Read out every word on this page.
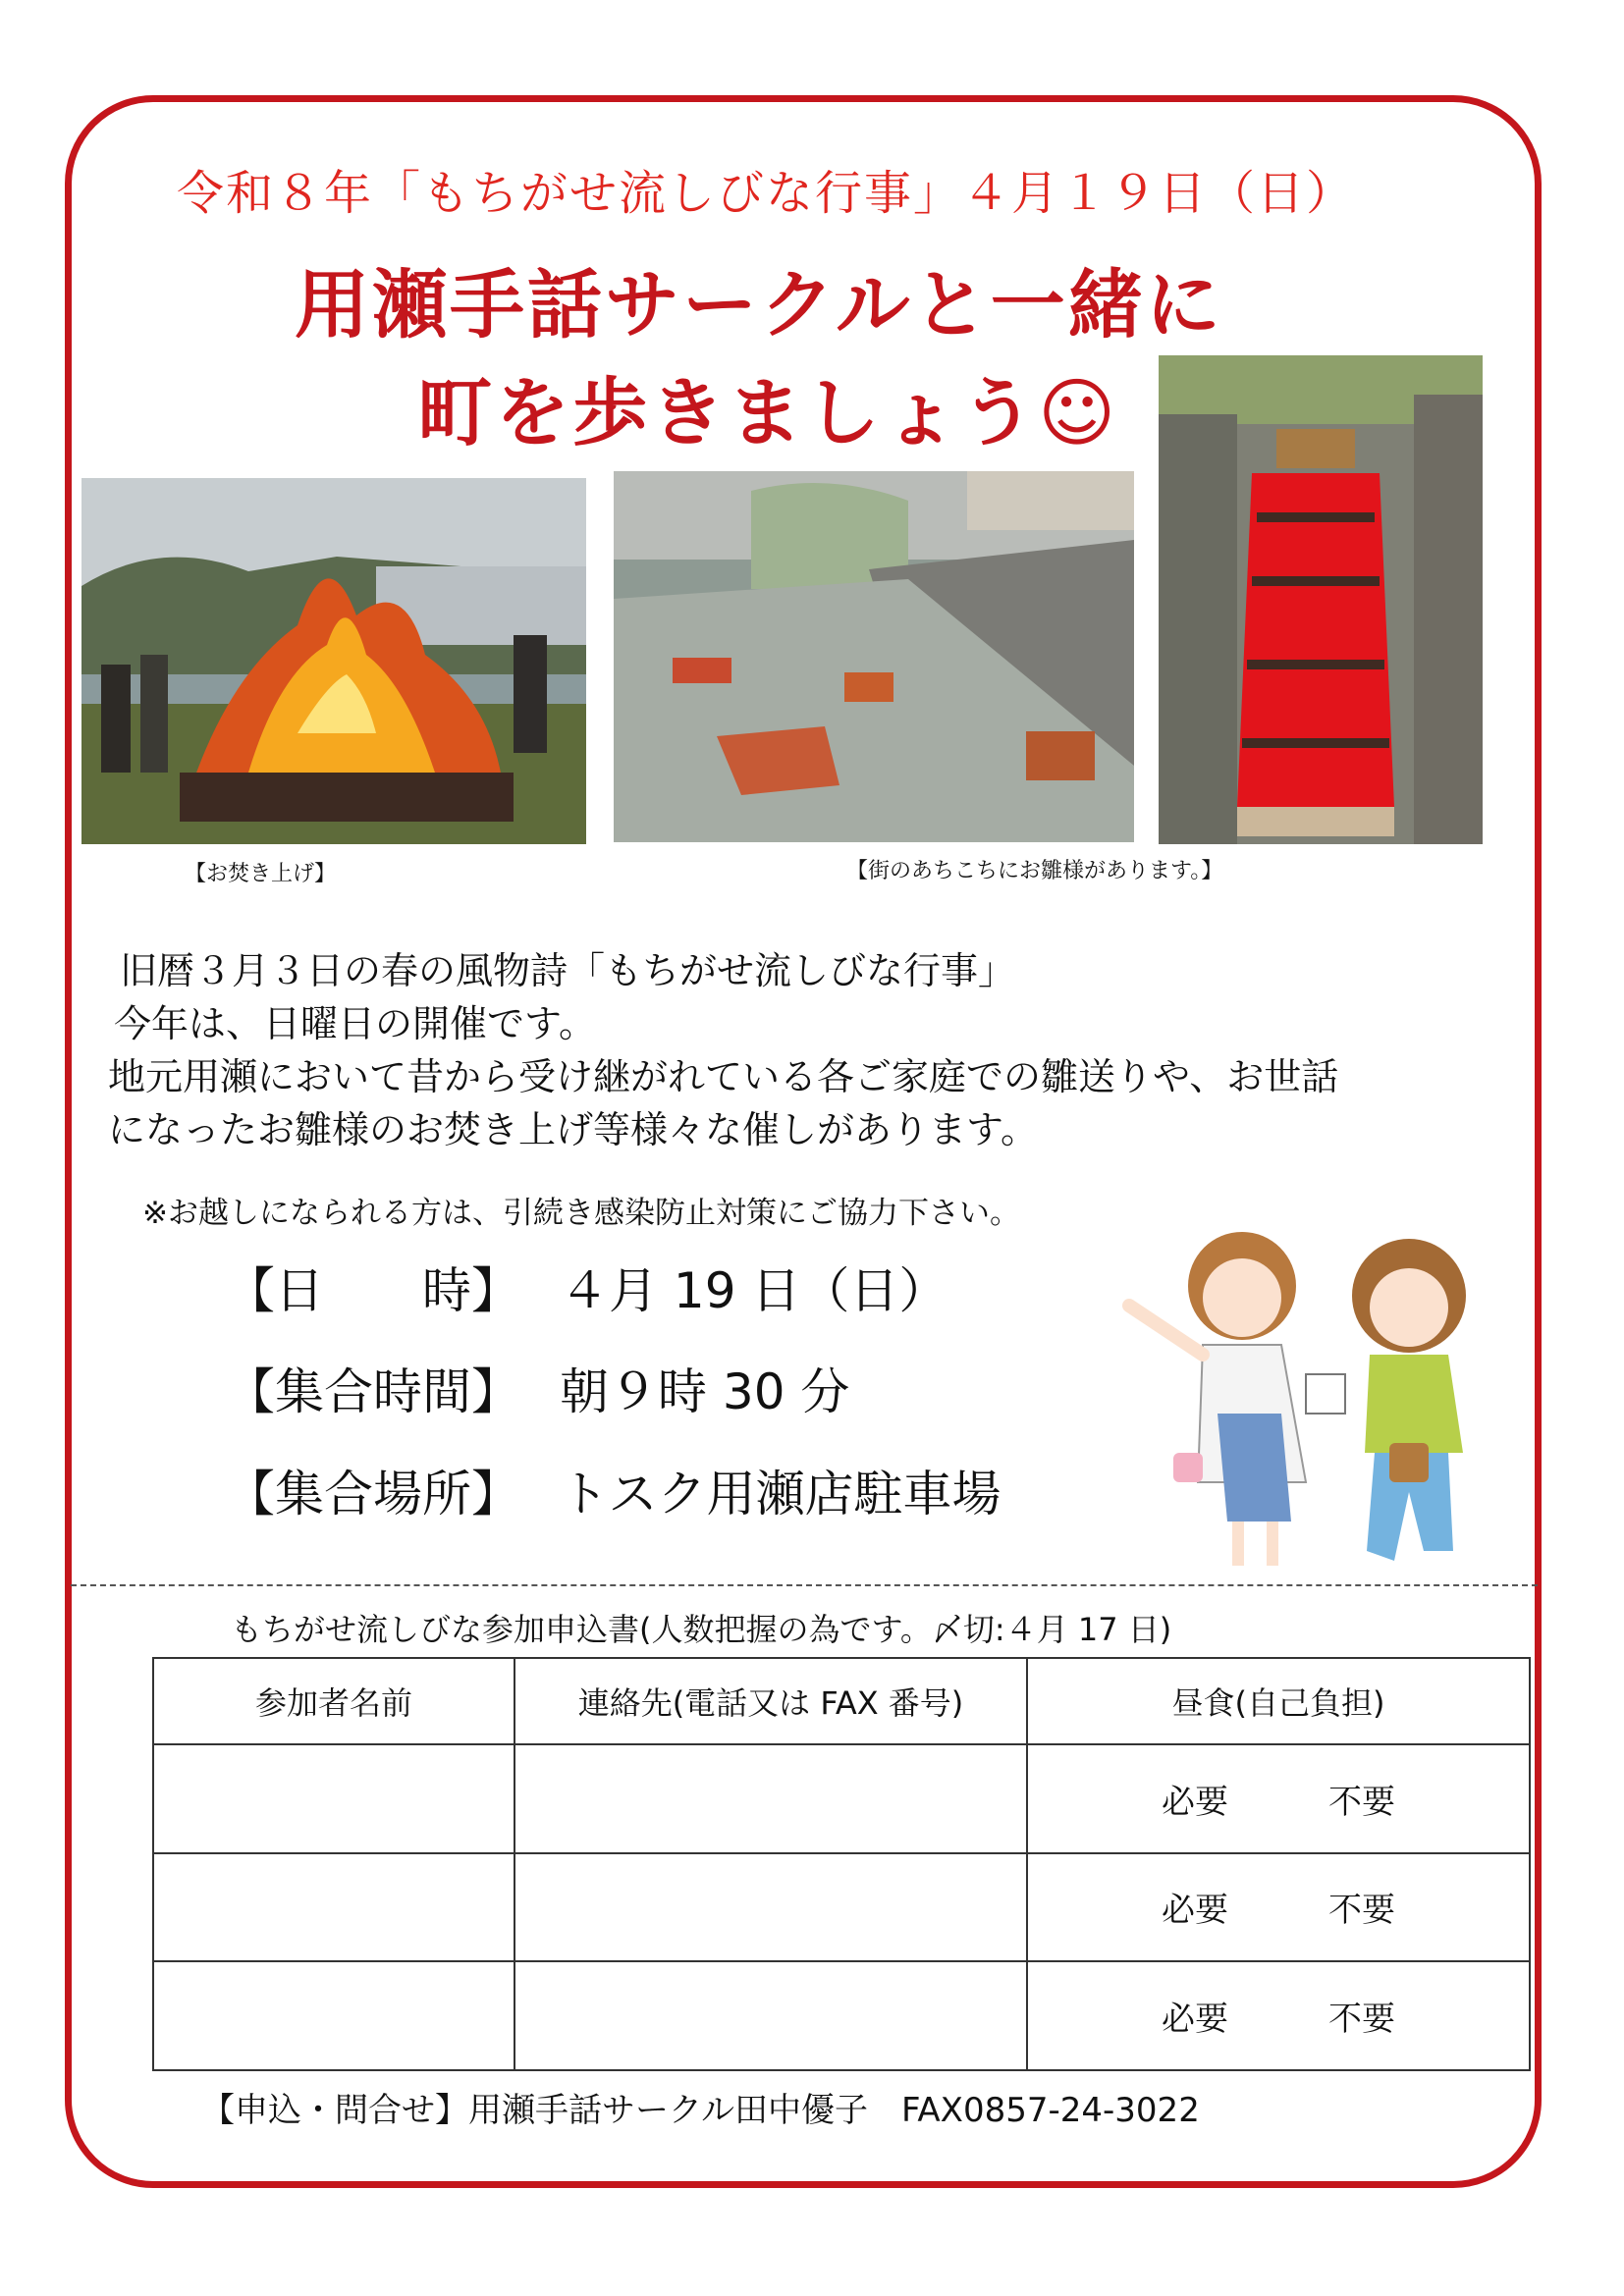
令和８年「もちがせ流しびな行事」４月１９日（日）
用瀬手話サークルと一緒に
町を歩きましょう☺
【お焚き上げ】	【街のあちこちにお雛様があります。】
旧暦３月３日の春の風物詩「もちがせ流しびな行事」
今年は、日曜日の開催です。
地元用瀬において昔から受け継がれている各ご家庭での雛送りや、お世話
になったお雛様のお焚き上げ等様々な催しがあります。
※お越しになられる方は、引続き感染防止対策にご協力下さい。
【日　　時】 ４月 19 日（日）
【集合時間】 朝９時 30 分
【集合場所】 トスク用瀬店駐車場
もちがせ流しびな参加申込書(人数把握の為です。〆切:４月 17 日)
参加者名前	連絡先(電話又は FAX 番号)	昼食(自己負担)
		必要 不要
		必要 不要
		必要 不要
【申込・問合せ】用瀬手話サークル田中優子　FAX0857-24-3022
